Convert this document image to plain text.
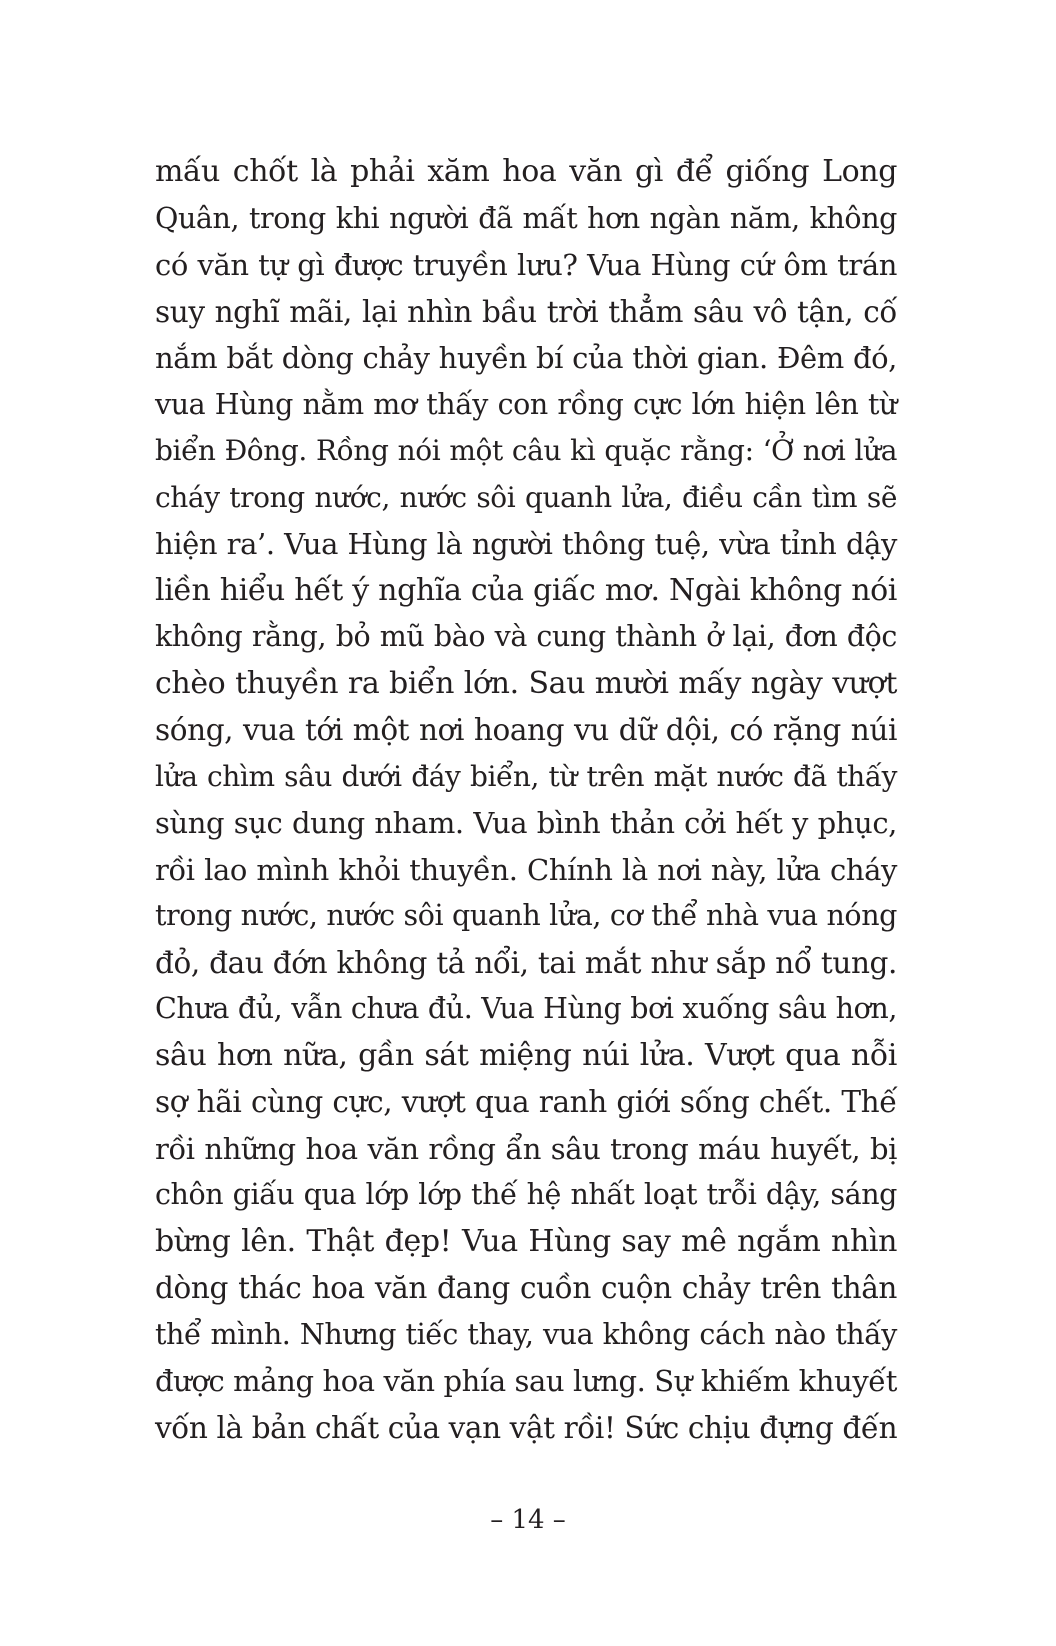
mấu chốt là phải xăm hoa văn gì để giống Long
Quân, trong khi người đã mất hơn ngàn năm, không
có văn tự gì được truyền lưu? Vua Hùng cứ ôm trán
suy nghĩ mãi, lại nhìn bầu trời thẳm sâu vô tận, cố
nắm bắt dòng chảy huyền bí của thời gian. Đêm đó,
vua Hùng nằm mơ thấy con rồng cực lớn hiện lên từ
biển Đông. Rồng nói một câu kì quặc rằng: ‘Ở nơi lửa
cháy trong nước, nước sôi quanh lửa, điều cần tìm sẽ
hiện ra’. Vua Hùng là người thông tuệ, vừa tỉnh dậy
liền hiểu hết ý nghĩa của giấc mơ. Ngài không nói
không rằng, bỏ mũ bào và cung thành ở lại, đơn độc
chèo thuyền ra biển lớn. Sau mười mấy ngày vượt
sóng, vua tới một nơi hoang vu dữ dội, có rặng núi
lửa chìm sâu dưới đáy biển, từ trên mặt nước đã thấy
sùng sục dung nham. Vua bình thản cởi hết y phục,
rồi lao mình khỏi thuyền. Chính là nơi này, lửa cháy
trong nước, nước sôi quanh lửa, cơ thể nhà vua nóng
đỏ, đau đớn không tả nổi, tai mắt như sắp nổ tung.
Chưa đủ, vẫn chưa đủ. Vua Hùng bơi xuống sâu hơn,
sâu hơn nữa, gần sát miệng núi lửa. Vượt qua nỗi
sợ hãi cùng cực, vượt qua ranh giới sống chết. Thế
rồi những hoa văn rồng ẩn sâu trong máu huyết, bị
chôn giấu qua lớp lớp thế hệ nhất loạt trỗi dậy, sáng
bừng lên. Thật đẹp! Vua Hùng say mê ngắm nhìn
dòng thác hoa văn đang cuồn cuộn chảy trên thân
thể mình. Nhưng tiếc thay, vua không cách nào thấy
được mảng hoa văn phía sau lưng. Sự khiếm khuyết
vốn là bản chất của vạn vật rồi! Sức chịu đựng đến
– 14 –
